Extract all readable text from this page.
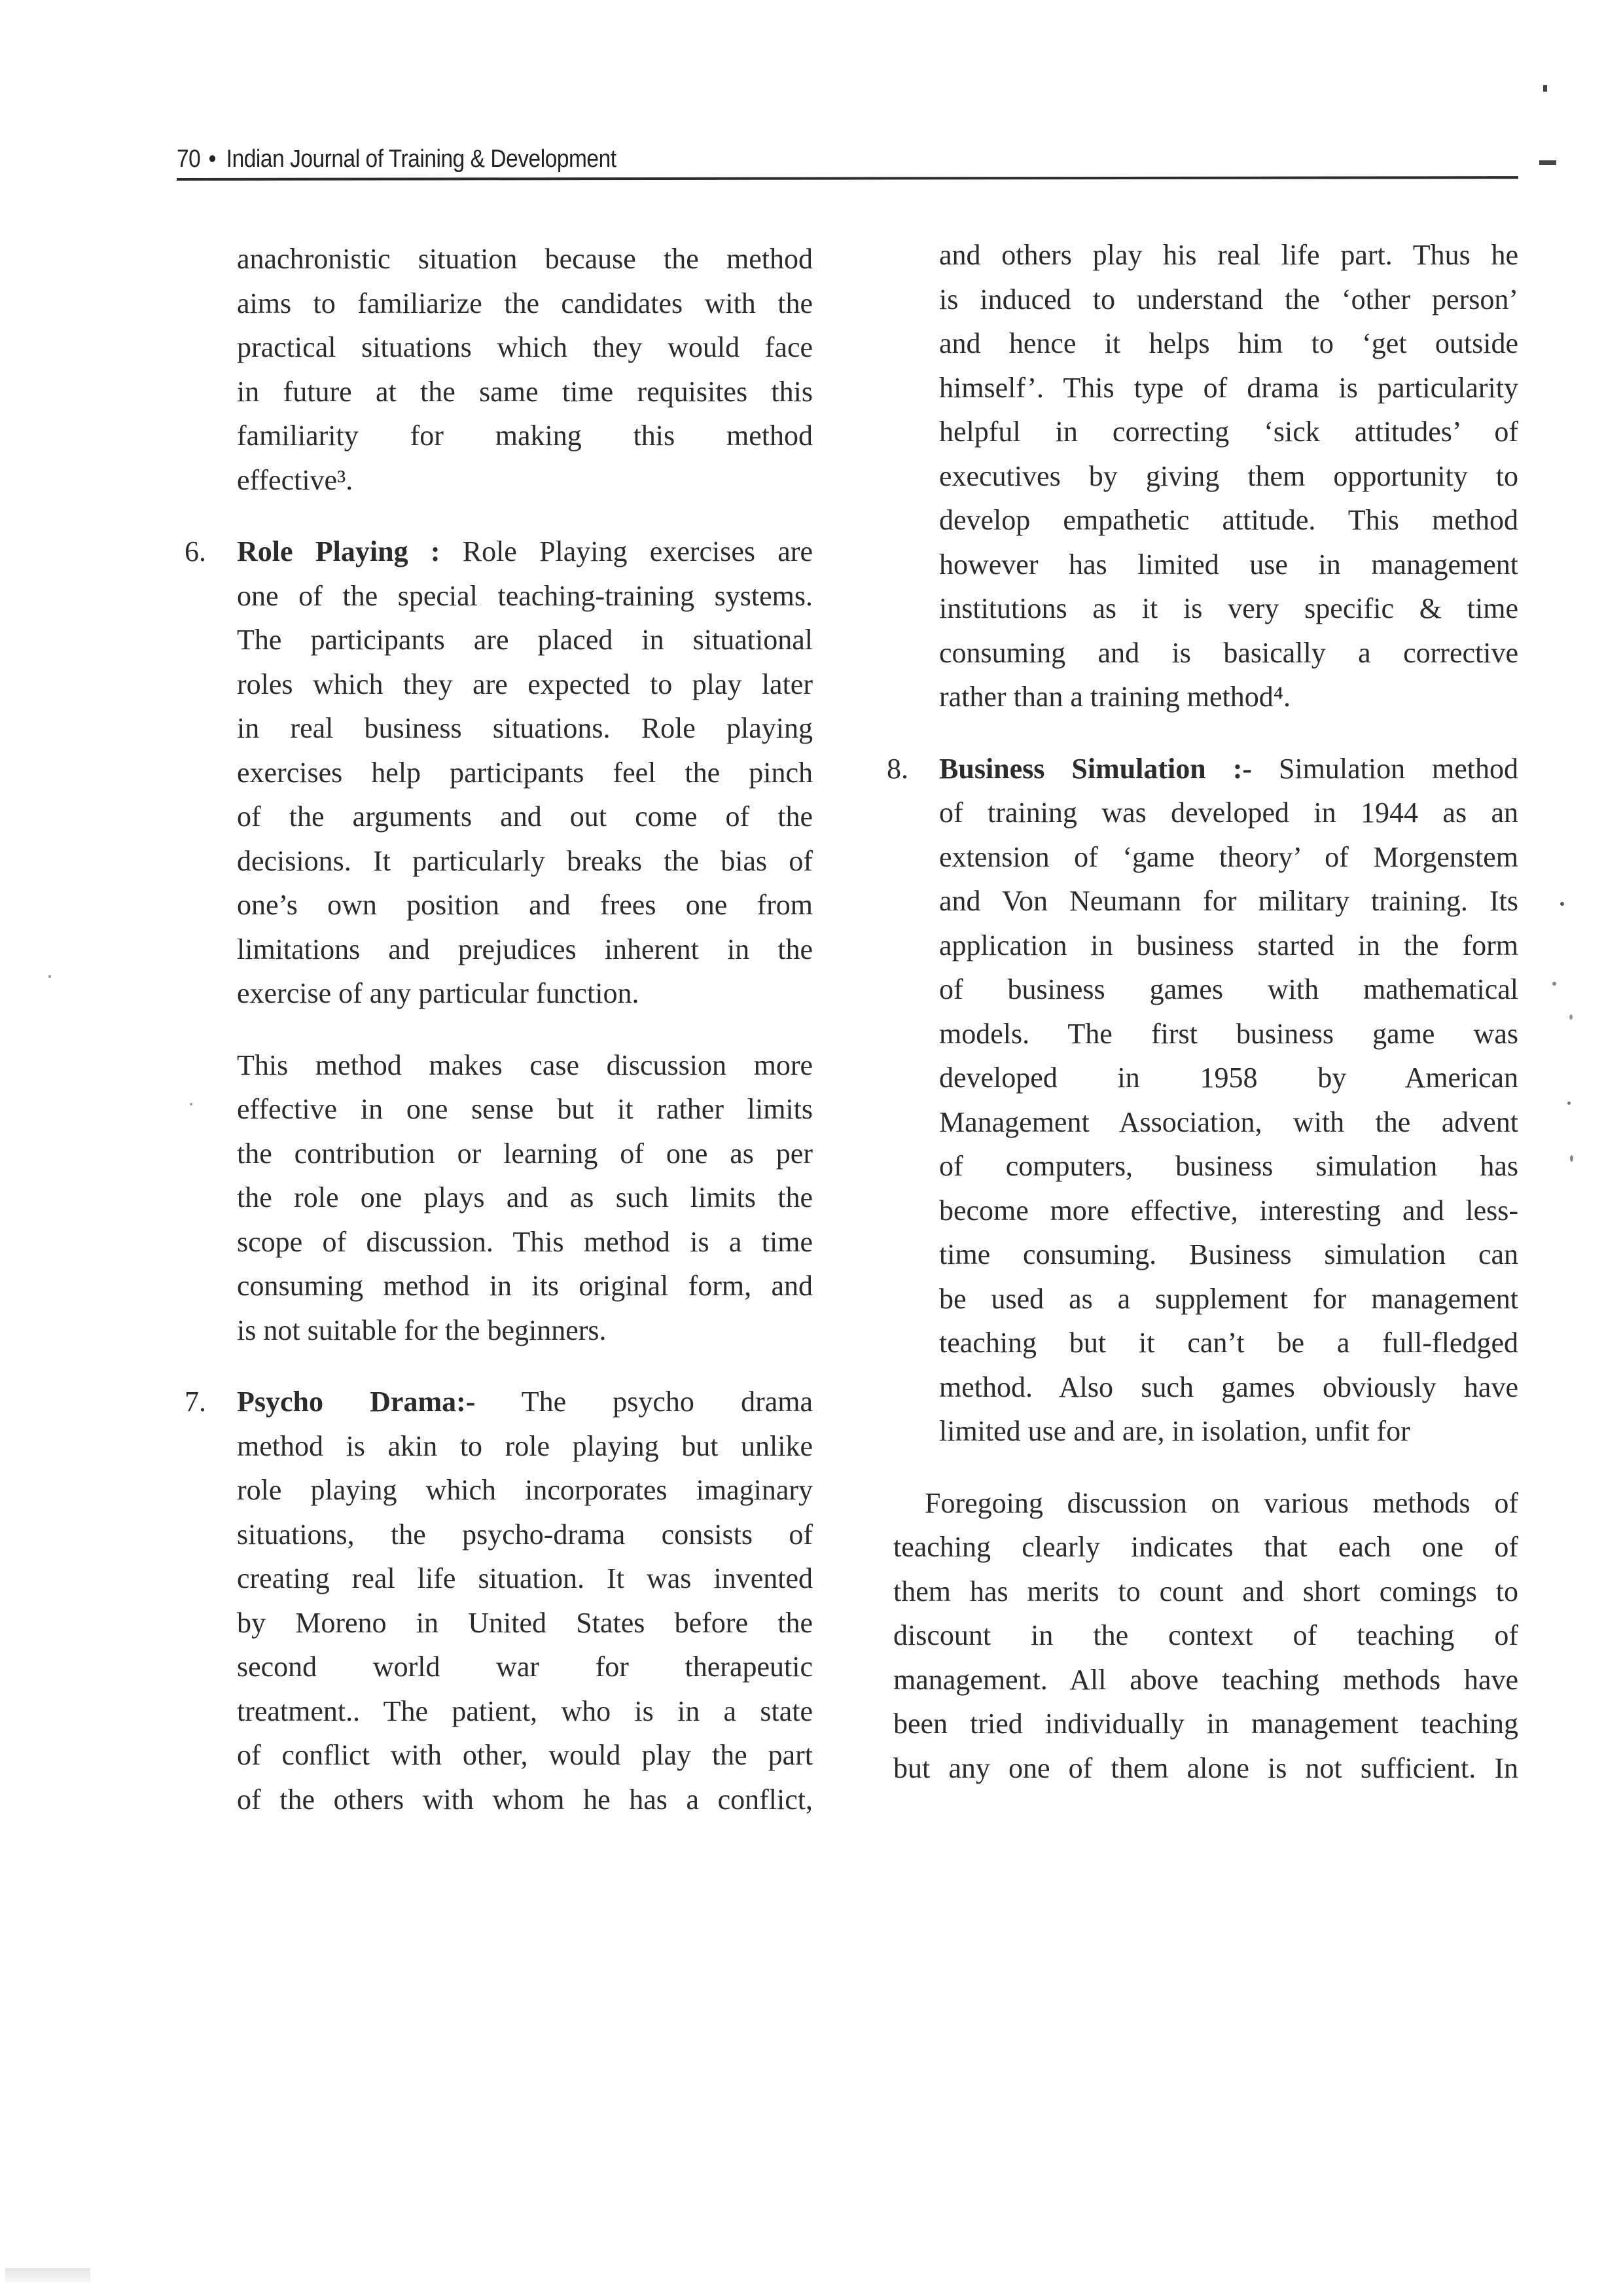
70 • Indian Journal of Training & Development
anachronistic situation because the method
aims to familiarize the candidates with the
practical situations which they would face
in future at the same time requisites this
familiarity for making this method
effective³.
6. Role Playing : Role Playing exercises are
one of the special teaching-training systems.
The participants are placed in situational
roles which they are expected to play later
in real business situations. Role playing
exercises help participants feel the pinch
of the arguments and out come of the
decisions. It particularly breaks the bias of
one’s own position and frees one from
limitations and prejudices inherent in the
exercise of any particular function.
This method makes case discussion more
effective in one sense but it rather limits
the contribution or learning of one as per
the role one plays and as such limits the
scope of discussion. This method is a time
consuming method in its original form, and
is not suitable for the beginners.
7. Psycho Drama:- The psycho drama
method is akin to role playing but unlike
role playing which incorporates imaginary
situations, the psycho-drama consists of
creating real life situation. It was invented
by Moreno in United States before the
second world war for therapeutic
treatment.. The patient, who is in a state
of conflict with other, would play the part
of the others with whom he has a conflict,
and others play his real life part. Thus he
is induced to understand the ‘other person’
and hence it helps him to ‘get outside
himself’. This type of drama is particularity
helpful in correcting ‘sick attitudes’ of
executives by giving them opportunity to
develop empathetic attitude. This method
however has limited use in management
institutions as it is very specific & time
consuming and is basically a corrective
rather than a training method⁴.
8. Business Simulation :- Simulation method
of training was developed in 1944 as an
extension of ‘game theory’ of Morgenstem
and Von Neumann for military training. Its
application in business started in the form
of business games with mathematical
models. The first business game was
developed in 1958 by American
Management Association, with the advent
of computers, business simulation has
become more effective, interesting and less-
time consuming. Business simulation can
be used as a supplement for management
teaching but it can’t be a full-fledged
method. Also such games obviously have
limited use and are, in isolation, unfit for
Foregoing discussion on various methods of
teaching clearly indicates that each one of
them has merits to count and short comings to
discount in the context of teaching of
management. All above teaching methods have
been tried individually in management teaching
but any one of them alone is not sufficient. In
